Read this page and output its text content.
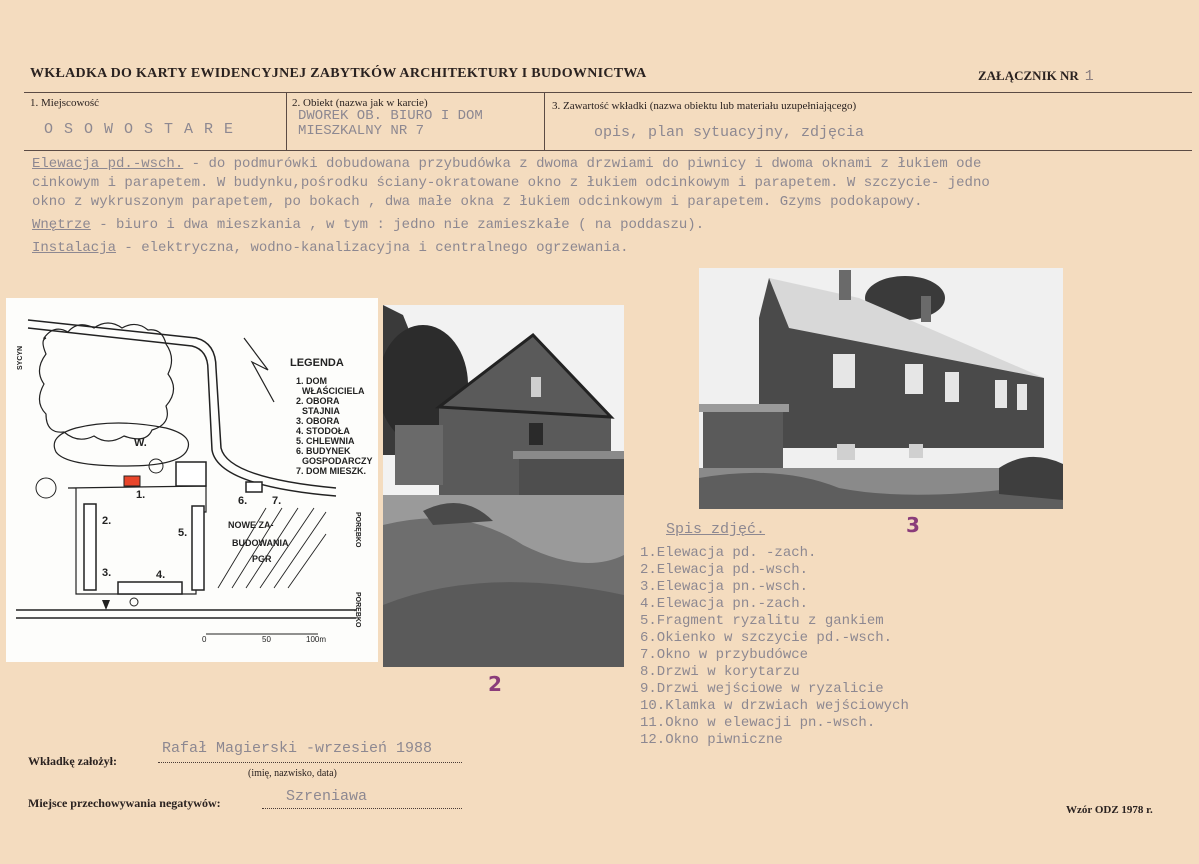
WKŁADKA DO KARTY EWIDENCYJNEJ ZABYTKÓW ARCHITEKTURY I BUDOWNICTWA	ZAŁĄCZNIK NR 1
1. Miejscowość
O S O W O S T A R E
2. Obiekt (nazwa jak w karcie)
DWOREK OB. BIURO I DOM
MIESZKALNY NR 7
3. Zawartość wkładki (nazwa obiektu lub materiału uzupełniającego)
opis, plan sytuacyjny, zdjęcia
Elewacja pd.-wsch. - do podmurówki dobudowana przybudówka z dwoma drzwiami do piwnicy i dwoma oknami z łukiem ode
cinkowym i parapetem. W budynku,pośrodku ściany-okratowane okno z łukiem odcinkowym i parapetem. W szczycie- jedno
okno z wykruszonym parapetem, po bokach , dwa małe okna z łukiem odcinkowym i parapetem. Gzyms podokapowy.
Wnętrze - biuro i dwa mieszkania , w tym : jedno nie zamieszkałe ( na poddaszu).
Instalacja - elektryczna, wodno-kanalizacyjna i centralnego ogrzewania.
LEGENDA
1. DOM
WŁAŚCICIELA
2. OBORA
STAJNIA
3. OBORA
4. STODOŁA
5. CHLEWNIA
6. BUDYNEK
GOSPODARCZY
7. DOM MIESZK.
W.
1.
2.
3.	4.
5.
6. 7.
NOWE ZA-
BUDOWANIA
PGR
0	50	100m
SYCYN
PORĘBKO
PORĘBKO
2
3
Spis zdjęć.
1.Elewacja pd. -zach.
2.Elewacja pd.-wsch.
3.Elewacja pn.-wsch.
4.Elewacja pn.-zach.
5.Fragment ryzalitu z gankiem
6.Okienko w szczycie pd.-wsch.
7.Okno w przybudówce
8.Drzwi w korytarzu
9.Drzwi wejściowe w ryzalicie
10.Klamka w drzwiach wejściowych
11.Okno w elewacji pn.-wsch.
12.Okno piwniczne
Wkładkę założył:
Rafał Magierski -wrzesień 1988
(imię, nazwisko, data)
Miejsce przechowywania negatywów:	Szreniawa
Wzór ODZ 1978 r.
